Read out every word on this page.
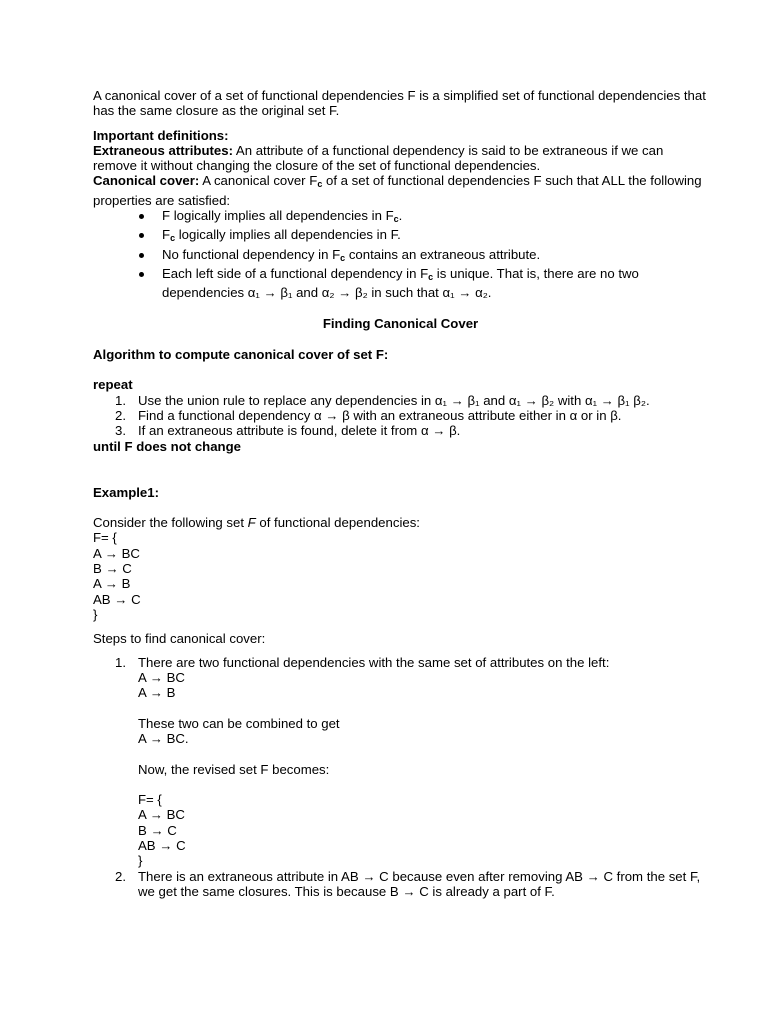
A canonical cover of a set of functional dependencies F is a simplified set of functional dependencies that has the same closure as the original set F.

Important definitions:

Extraneous attributes: An attribute of a functional dependency is said to be extraneous if we can remove it without changing the closure of the set of functional dependencies.

Canonical cover: A canonical cover $F_c$ of a set of functional dependencies F such that ALL the following properties are satisfied:

F logically implies all dependencies in $F_c$.
$F_c$ logically implies all dependencies in F.
No functional dependency in $F_c$ contains an extraneous attribute.
Each left side of a functional dependency in $F_c$ is unique. That is, there are no two dependencies α₁ → β₁ and α₂ → β₂ in such that α₁ → α₂.

Finding Canonical Cover

Algorithm to compute canonical cover of set F:

repeat

1. Use the union rule to replace any dependencies in α₁ → β₁ and α₁ → β₂ with α₁ → β₁ β₂.
2. Find a functional dependency α → β with an extraneous attribute either in α or in β.
3. If an extraneous attribute is found, delete it from α → β.

until F does not change

Example1:

Consider the following set F of functional dependencies:

F= {
A → BC
B → C
A → B
AB → C
}

Steps to find canonical cover:

1. There are two functional dependencies with the same set of attributes on the left:
A → BC
A → B
These two can be combined to get
A → BC.
Now, the revised set F becomes:
F= {
A → BC
B → C
AB → C
}
2. There is an extraneous attribute in AB → C because even after removing AB → C from the set F, we get the same closures. This is because B → C is already a part of F.
